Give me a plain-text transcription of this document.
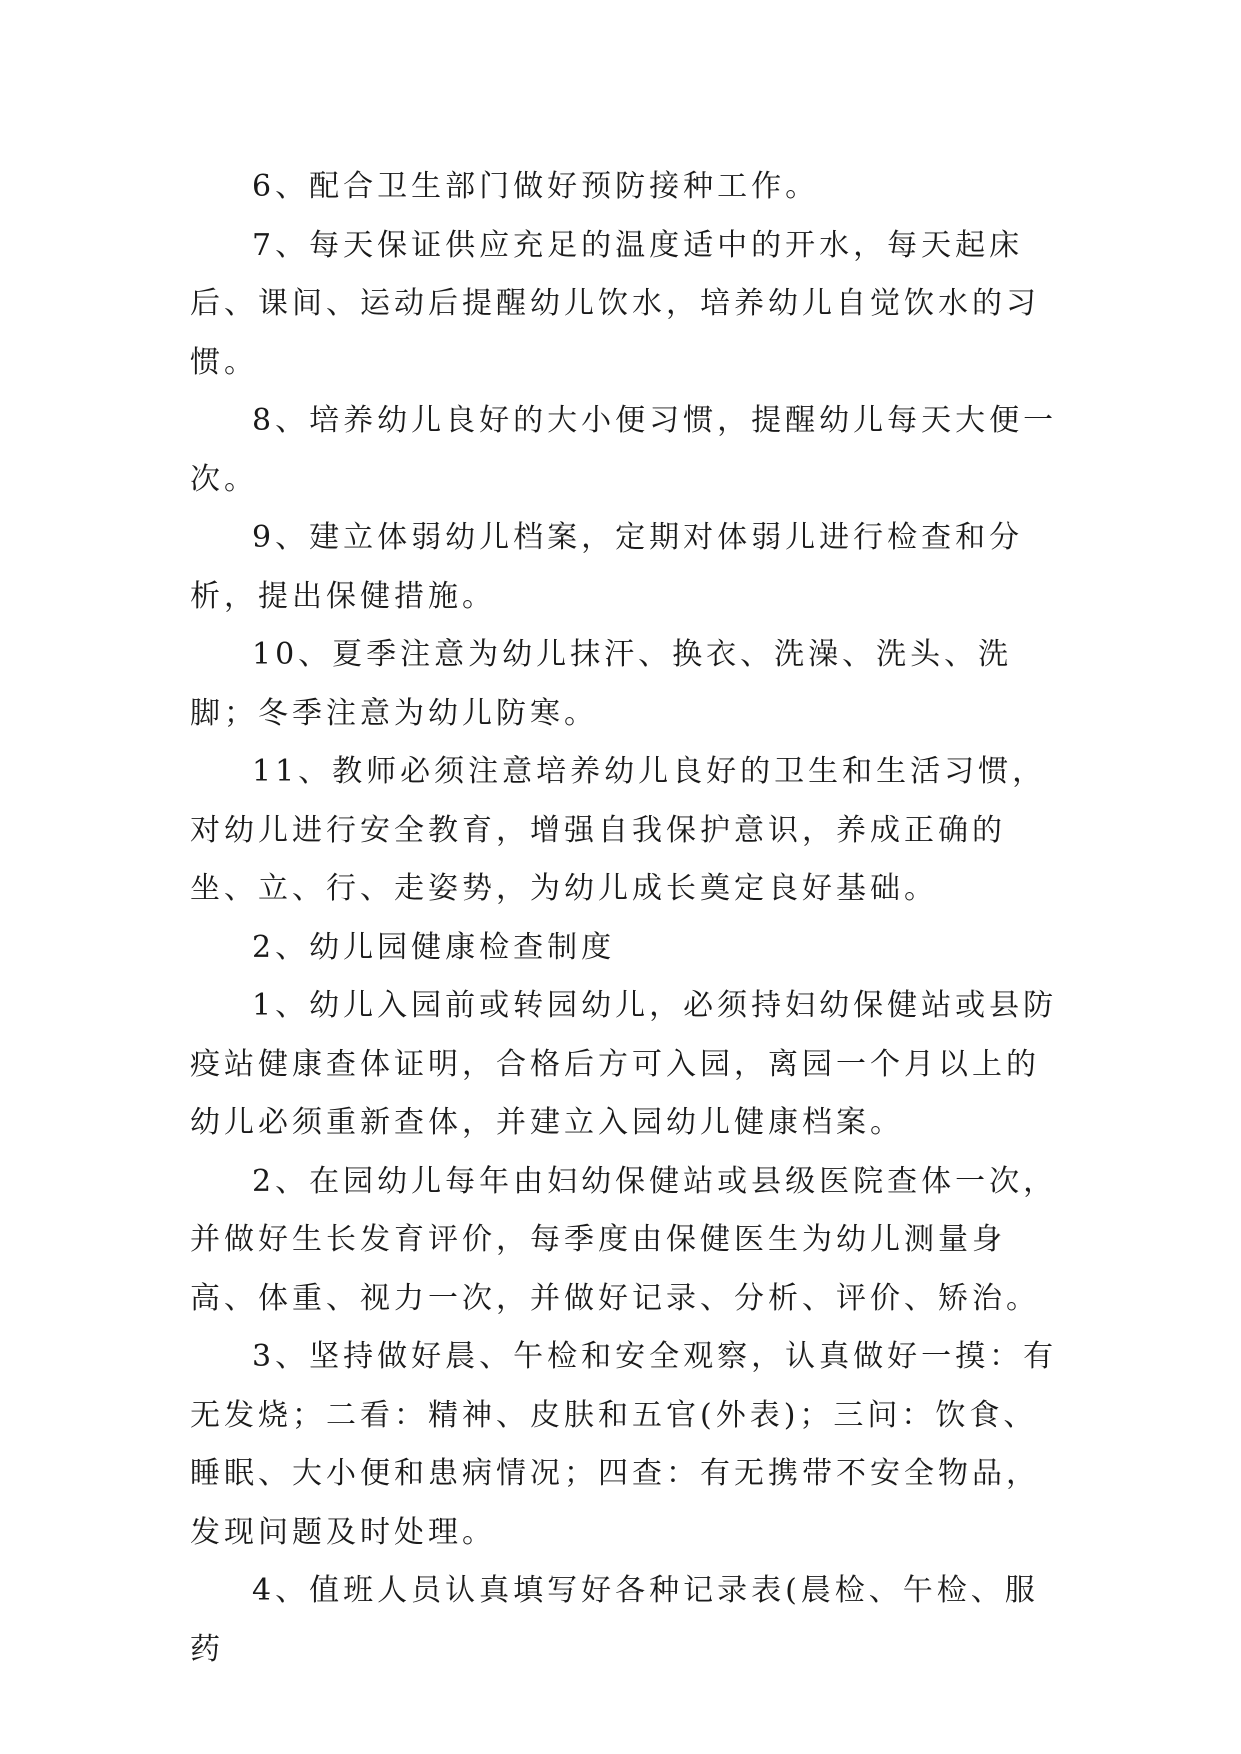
6、配合卫生部门做好预防接种工作。

7、每天保证供应充足的温度适中的开水，每天起床后、课间、运动后提醒幼儿饮水，培养幼儿自觉饮水的习惯。

8、培养幼儿良好的大小便习惯，提醒幼儿每天大便一次。

9、建立体弱幼儿档案，定期对体弱儿进行检查和分析，提出保健措施。

10、夏季注意为幼儿抹汗、换衣、洗澡、洗头、洗脚；冬季注意为幼儿防寒。

11、教师必须注意培养幼儿良好的卫生和生活习惯，对幼儿进行安全教育，增强自我保护意识，养成正确的坐、立、行、走姿势，为幼儿成长奠定良好基础。

2、幼儿园健康检查制度

1、幼儿入园前或转园幼儿，必须持妇幼保健站或县防疫站健康查体证明，合格后方可入园，离园一个月以上的幼儿必须重新查体，并建立入园幼儿健康档案。

2、在园幼儿每年由妇幼保健站或县级医院查体一次，并做好生长发育评价，每季度由保健医生为幼儿测量身高、体重、视力一次，并做好记录、分析、评价、矫治。

3、坚持做好晨、午检和安全观察，认真做好一摸：有无发烧；二看：精神、皮肤和五官(外表)；三问：饮食、睡眠、大小便和患病情况；四查：有无携带不安全物品，发现问题及时处理。

4、值班人员认真填写好各种记录表(晨检、午检、服药
